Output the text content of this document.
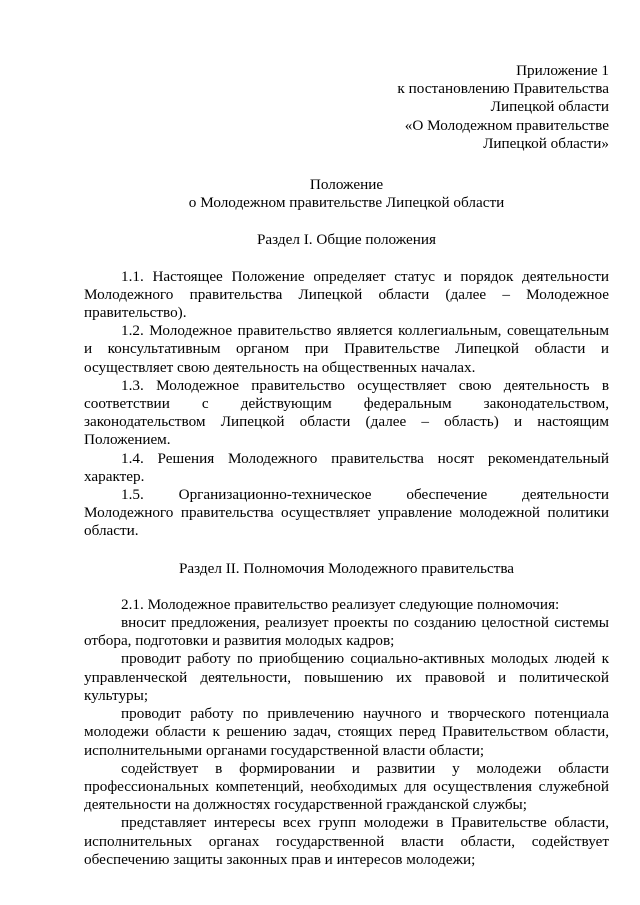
Приложение 1
к постановлению Правительства
Липецкой области
«О Молодежном правительстве
Липецкой области»
Положение
о Молодежном правительстве Липецкой области
Раздел I. Общие положения

1.1. Настоящее Положение определяет статус и порядок деятельности Молодежного правительства Липецкой области (далее – Молодежное правительство).

1.2. Молодежное правительство является коллегиальным, совещательным и консультативным органом при Правительстве Липецкой области и осуществляет свою деятельность на общественных началах.

1.3. Молодежное правительство осуществляет свою деятельность в соответствии с действующим федеральным законодательством, законодательством Липецкой области (далее – область) и настоящим Положением.

1.4. Решения Молодежного правительства носят рекомендательный характер.

1.5. Организационно-техническое обеспечение деятельности Молодежного правительства осуществляет управление молодежной политики области.

Раздел II. Полномочия Молодежного правительства

2.1. Молодежное правительство реализует следующие полномочия:

вносит предложения, реализует проекты по созданию целостной системы отбора, подготовки и развития молодых кадров;

проводит работу по приобщению социально-активных молодых людей к управленческой деятельности, повышению их правовой и политической культуры;

проводит работу по привлечению научного и творческого потенциала молодежи области к решению задач, стоящих перед Правительством области, исполнительными органами государственной власти области;

содействует в формировании и развитии у молодежи области профессиональных компетенций, необходимых для осуществления служебной деятельности на должностях государственной гражданской службы;

представляет интересы всех групп молодежи в Правительстве области, исполнительных органах государственной власти области, содействует обеспечению защиты законных прав и интересов молодежи;
